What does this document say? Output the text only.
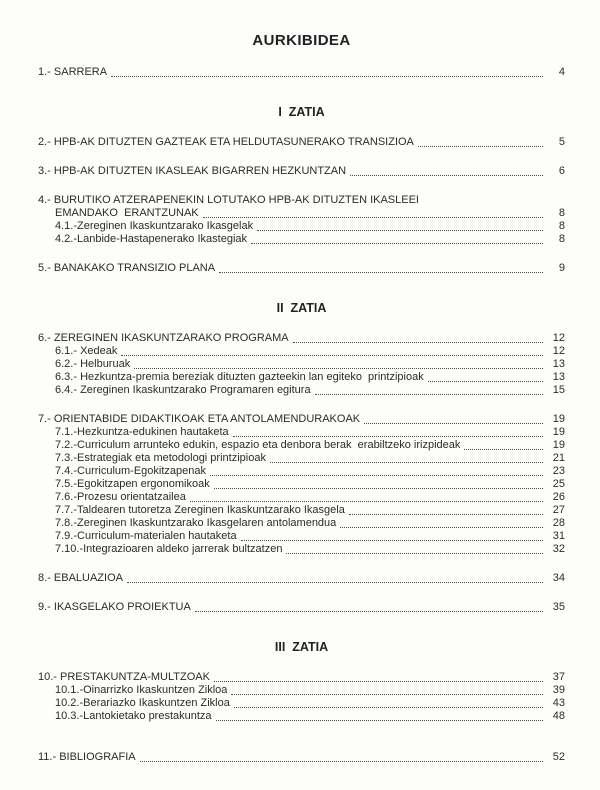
AURKIBIDEA
1.- SARRERA	4
I  ZATIA
2.- HPB-AK DITUZTEN GAZTEAK ETA HELDUTASUNERAKO TRANSIZIOA	5
3.- HPB-AK DITUZTEN IKASLEAK BIGARREN HEZKUNTZAN	6
4.- BURUTIKO ATZERAPENEKIN LOTUTAKO HPB-AK DITUZTEN IKASLEEI
EMANDAKO  ERANTZUNAK	8
4.1.-Zereginen Ikaskuntzarako Ikasgelak	8
4.2.-Lanbide-Hastapenerako Ikastegiak	8
5.- BANAKAKO TRANSIZIO PLANA	9
II  ZATIA
6.- ZEREGINEN IKASKUNTZARAKO PROGRAMA	12
6.1.- Xedeak	12
6.2.- Helburuak	13
6.3.- Hezkuntza-premia bereziak dituzten gazteekin lan egiteko  printzipioak	13
6.4.- Zereginen Ikaskuntzarako Programaren egitura	15
7.- ORIENTABIDE DIDAKTIKOAK ETA ANTOLAMENDURAKOAK	19
7.1.-Hezkuntza-edukinen hautaketa	19
7.2.-Curriculum arrunteko edukin, espazio eta denbora berak  erabiltzeko irizpideak	19
7.3.-Estrategiak eta metodologi printzipioak	21
7.4.-Curriculum-Egokitzapenak	23
7.5.-Egokitzapen ergonomikoak	25
7.6.-Prozesu orientatzailea	26
7.7.-Taldearen tutoretza Zereginen Ikaskuntzarako Ikasgela	27
7.8.-Zereginen Ikaskuntzarako Ikasgelaren antolamendua	28
7.9.-Curriculum-materialen hautaketa	31
7.10.-Integrazioaren aldeko jarrerak bultzatzen	32
8.- EBALUAZIOA	34
9.- IKASGELAKO PROIEKTUA	35
III  ZATIA
10.- PRESTAKUNTZA-MULTZOAK	37
10.1.-Oinarrizko Ikaskuntzen Zikloa	39
10.2.-Berariazko Ikaskuntzen Zikloa	43
10.3.-Lantokietako prestakuntza	48
11.- BIBLIOGRAFIA	52
